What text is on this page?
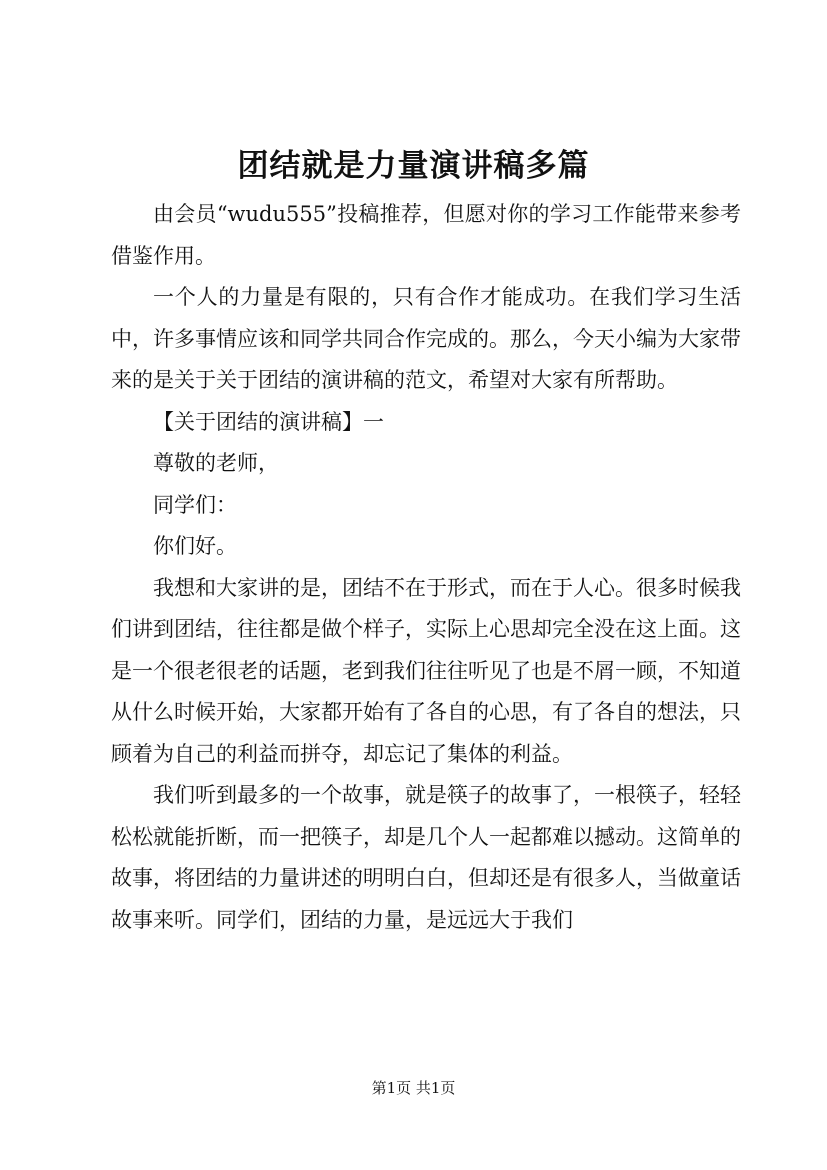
团结就是力量演讲稿多篇

由会员“wudu555”投稿推荐，但愿对你的学习工作能带来参考借鉴作用。

一个人的力量是有限的，只有合作才能成功。在我们学习生活中，许多事情应该和同学共同合作完成的。那么，今天小编为大家带来的是关于关于团结的演讲稿的范文，希望对大家有所帮助。

【关于团结的演讲稿】一

尊敬的老师，

同学们：

你们好。

我想和大家讲的是，团结不在于形式，而在于人心。很多时候我们讲到团结，往往都是做个样子，实际上心思却完全没在这上面。这是一个很老很老的话题，老到我们往往听见了也是不屑一顾，不知道从什么时候开始，大家都开始有了各自的心思，有了各自的想法，只顾着为自己的利益而拼夺，却忘记了集体的利益。

我们听到最多的一个故事，就是筷子的故事了，一根筷子，轻轻松松就能折断，而一把筷子，却是几个人一起都难以撼动。这简单的故事，将团结的力量讲述的明明白白，但却还是有很多人，当做童话故事来听。同学们，团结的力量，是远远大于我们

第1页 共1页
